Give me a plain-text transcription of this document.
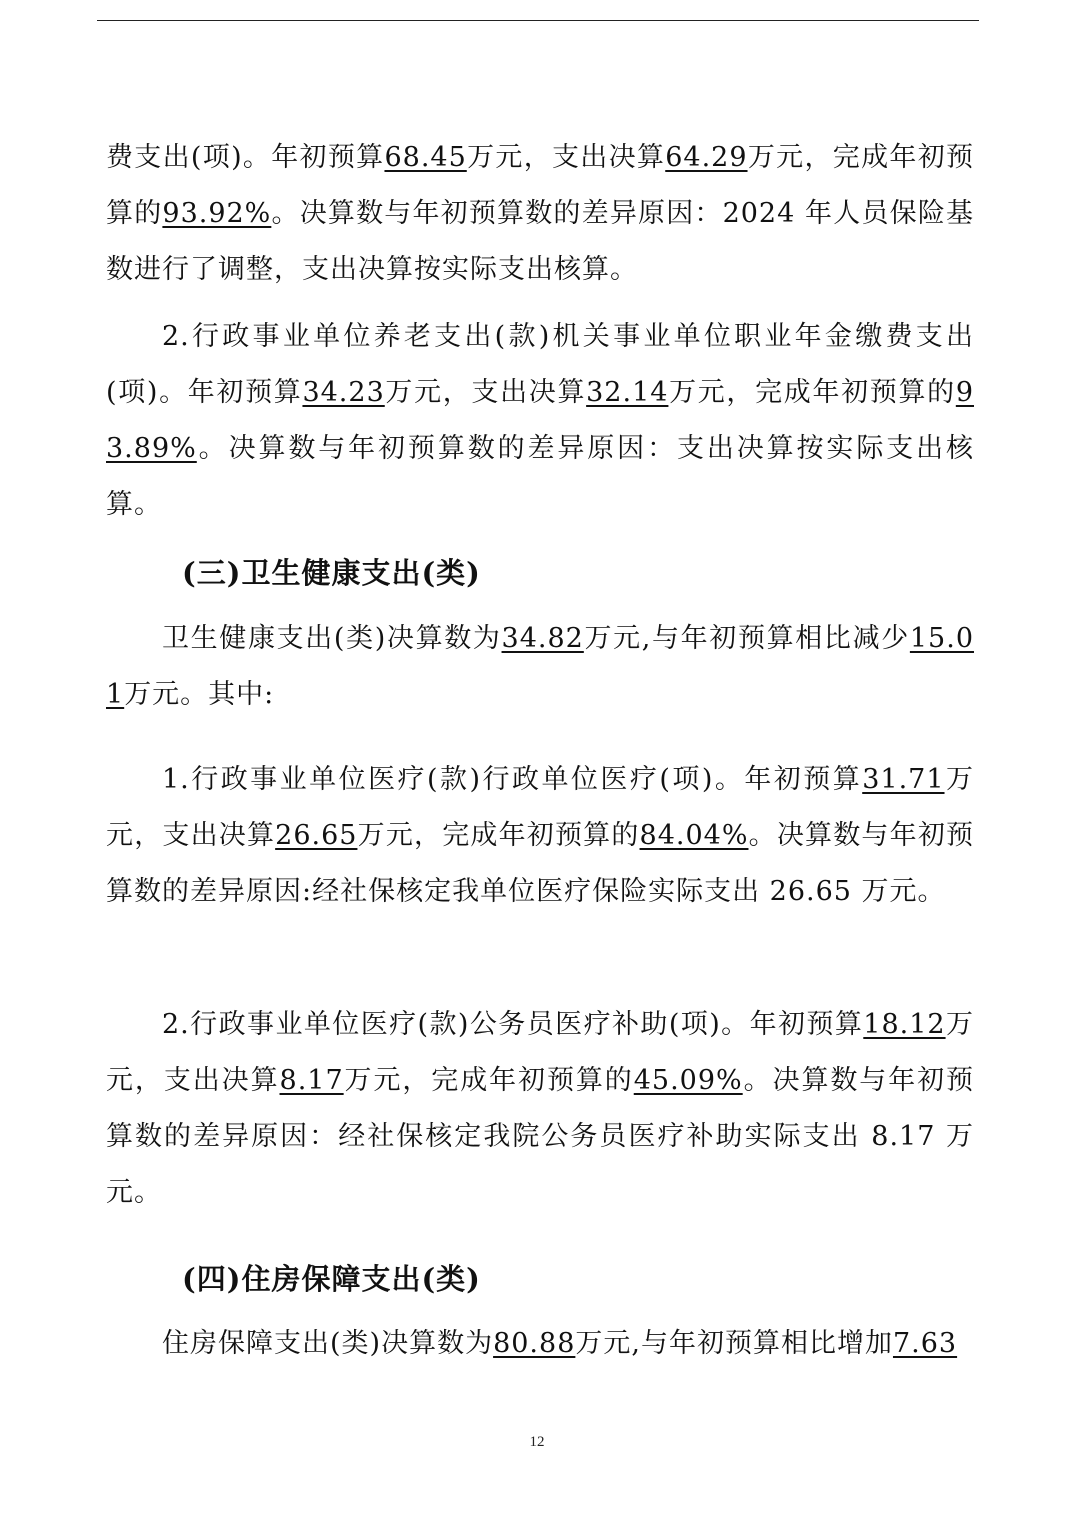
费支出(项)。年初预算68.45万元，支出决算64.29万元，完成年初预算的93.92%。决算数与年初预算数的差异原因：2024 年人员保险基数进行了调整，支出决算按实际支出核算。

2.行政事业单位养老支出(款)机关事业单位职业年金缴费支出(项)。年初预算34.23万元，支出决算32.14万元，完成年初预算的93.89%。决算数与年初预算数的差异原因：支出决算按实际支出核算。

(三)卫生健康支出(类)

卫生健康支出(类)决算数为34.82万元,与年初预算相比减少15.01万元。其中:

1.行政事业单位医疗(款)行政单位医疗(项)。年初预算31.71万元，支出决算26.65万元，完成年初预算的84.04%。决算数与年初预算数的差异原因:经社保核定我单位医疗保险实际支出 26.65 万元。

2.行政事业单位医疗(款)公务员医疗补助(项)。年初预算18.12万元，支出决算8.17万元，完成年初预算的45.09%。决算数与年初预算数的差异原因：经社保核定我院公务员医疗补助实际支出 8.17 万元。

(四)住房保障支出(类)

住房保障支出(类)决算数为80.88万元,与年初预算相比增加7.63

12
